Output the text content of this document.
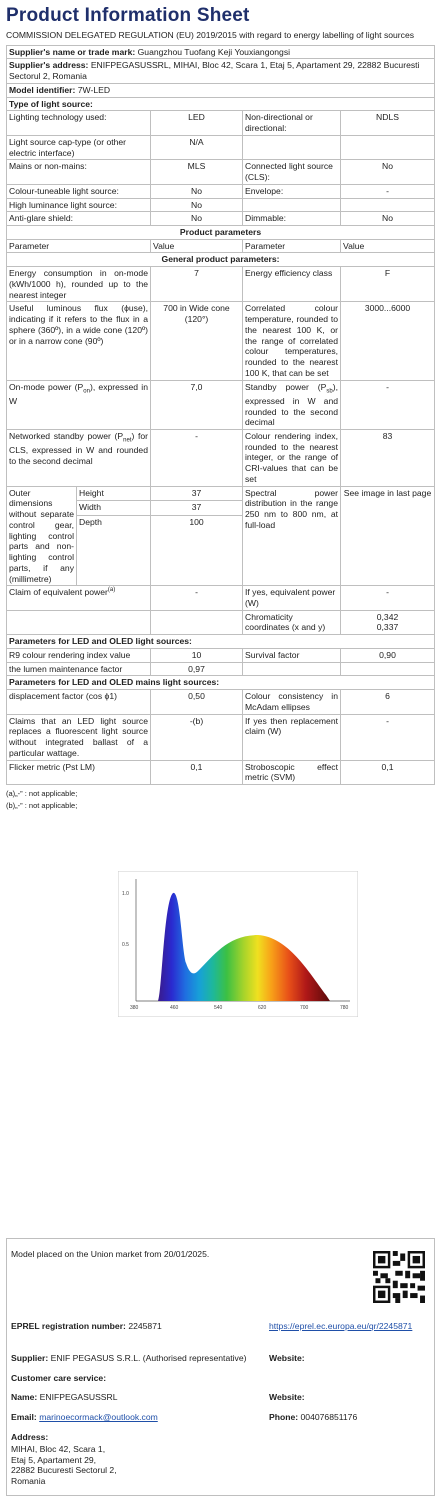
Product Information Sheet
COMMISSION DELEGATED REGULATION (EU) 2019/2015 with regard to energy labelling of light sources
Supplier's name or trade mark: Guangzhou Tuofang Keji Youxiangongsi				
Supplier's address: ENIFPEGASUSSRL, MIHAI, Bloc 42, Scara 1, Etaj 5, Apartament 29, 22882 Bucuresti Sectorul 2, Romania				
Model identifier: 7W-LED				
Type of light source:				
Lighting technology used:		LED	Non-directional or directional:	NDLS
Light source cap-type (or other electric interface)		N/A		
Mains or non-mains:		MLS	Connected light source (CLS):	No
Colour-tuneable light source:		No	Envelope:	-
High luminance light source:		No		
Anti-glare shield:		No	Dimmable:	No
Product parameters				
Parameter		Value	Parameter	Value
General product parameters:				
Energy consumption in on-mode (kWh/1000 h), rounded up to the nearest integer		7	Energy efficiency class	F
Useful luminous flux (ϕuse), indicating if it refers to the flux in a sphere (360º), in a wide cone (120º) or in a narrow cone (90º)		700 in Wide cone (120°)	Correlated colour temperature, rounded to the nearest 100 K, or the range of correlated colour temperatures, rounded to the nearest 100 K, that can be set	3000...6000
On-mode power $(P_{on})$, expressed in W		7,0	Standby power $(P_{sb})$, expressed in W and rounded to the second decimal	-
Networked standby power $(P_{net})$ for CLS, expressed in W and rounded to the second decimal		-	Colour rendering index, rounded to the nearest integer, or the range of CRI-values that can be set	83
Outer dimensions without separate control gear, lighting control parts and non-lighting control parts, if any (millimetre)	Height	37	Spectral power distribution in the range 250 nm to 800 nm, at full-load	See image in last page
	Width	37		
	Depth	100		
Claim of equivalent power$^{(a)}$		-	If yes, equivalent power (W)	-
			Chromaticity coordinates (x and y)	0,342
0,337

Parameters for LED and OLED light sources:				
R9 colour rendering index value		10	Survival factor	0,90
the lumen maintenance factor		0,97		
Parameters for LED and OLED mains light sources:				
displacement factor (cos ϕ1)		0,50	Colour consistency in McAdam ellipses	6
Claims that an LED light source replaces a fluorescent light source without integrated ballast of a particular wattage.		-(b)	If yes then replacement claim (W)	-
Flicker metric (Pst LM)		0,1	Stroboscopic effect metric (SVM)	0,1
(a)„-” : not applicable;
(b)„-” : not applicable;
1.0
0.5
380	460	540	620	700	780
Model placed on the Union market from 20/01/2025.
EPREL registration number: 2245871	https://eprel.ec.europa.eu/qr/2245871
Supplier: ENIF PEGASUS S.R.L. (Authorised representative)	Website:
Customer care service:
Name: ENIFPEGASUSSRL	Website:
Email: marinoecormack@outlook.com	Phone: 004076851176
Address:
MIHAI, Bloc 42, Scara 1,
Etaj 5, Apartament 29,
22882 Bucuresti Sectorul 2,
Romania
